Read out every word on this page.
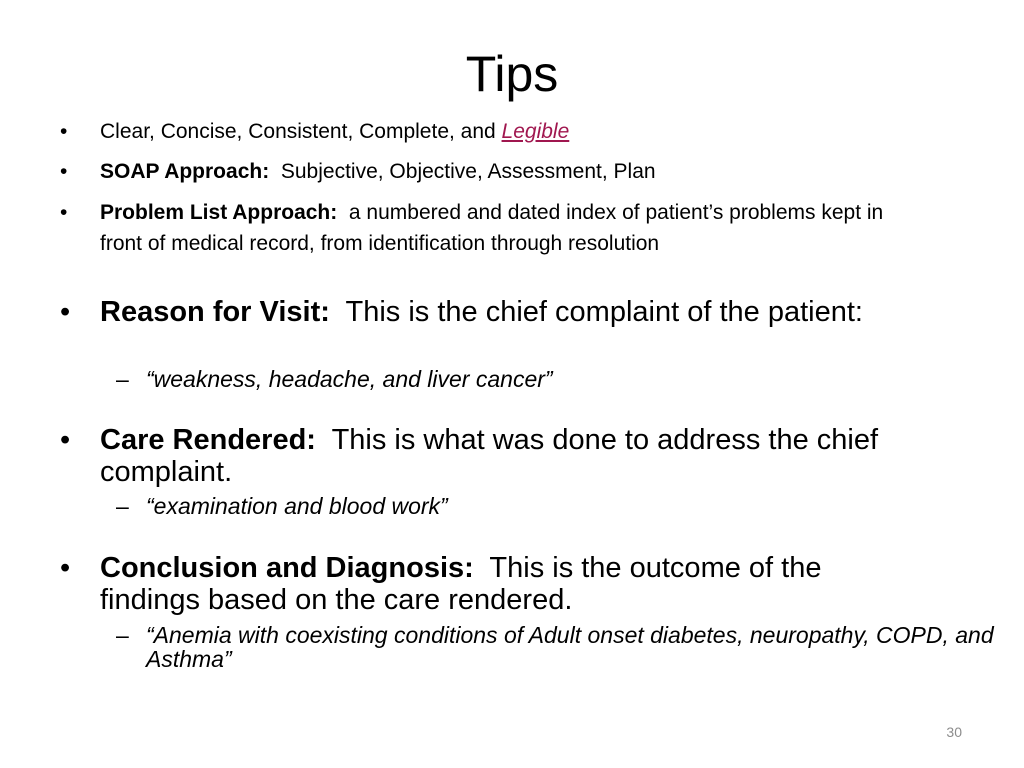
Tips
• Clear, Concise, Consistent, Complete, and Legible
• SOAP Approach: Subjective, Objective, Assessment, Plan
• Problem List Approach: a numbered and dated index of patient’s problems kept in front of medical record, from identification through resolution
• Reason for Visit: This is the chief complaint of the patient:
– “weakness, headache, and liver cancer”
• Care Rendered: This is what was done to address the chief complaint.
– “examination and blood work”
• Conclusion and Diagnosis: This is the outcome of the findings based on the care rendered.
– “Anemia with coexisting conditions of Adult onset diabetes, neuropathy, COPD, and Asthma”
30
